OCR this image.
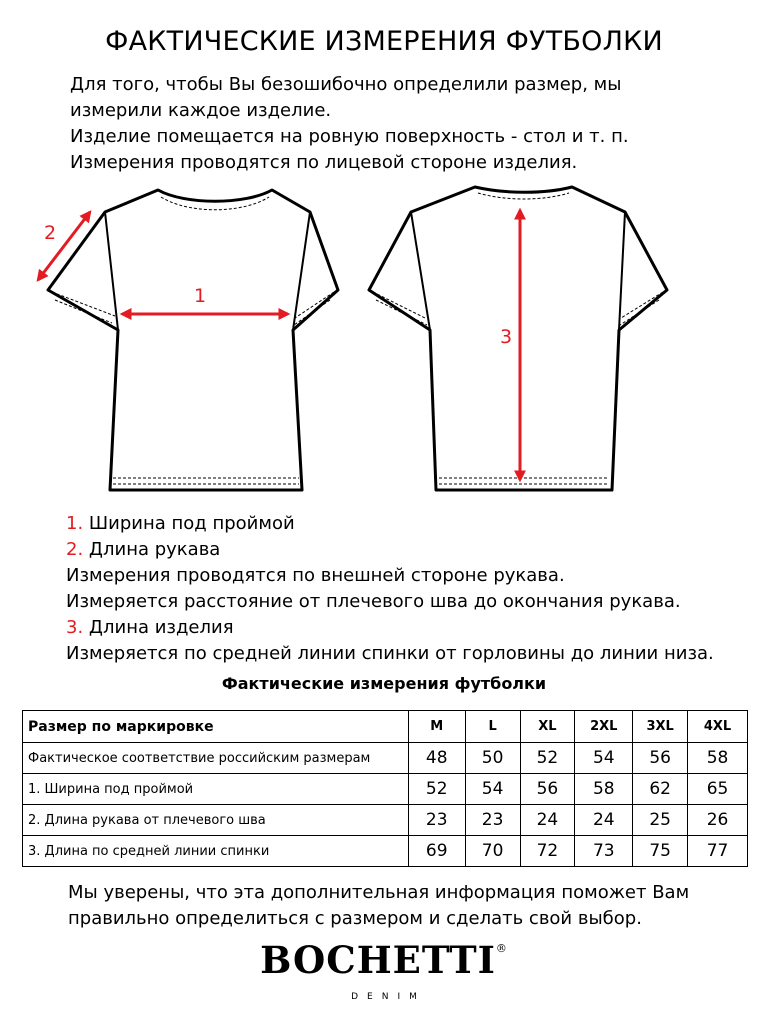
ФАКТИЧЕСКИЕ ИЗМЕРЕНИЯ ФУТБОЛКИ
Для того, чтобы Вы безошибочно определили размер, мы
измерили каждое изделие.
Изделие помещается на ровную поверхность - стол и т. п.
Измерения проводятся по лицевой стороне изделия.
1
2
3
1. Ширина под проймой
2. Длина рукава
Измерения проводятся по внешней стороне рукава.
Измеряется расстояние от плечевого шва до окончания рукава.
3. Длина изделия
Измеряется по средней линии спинки от горловины до линии низа.
Фактические измерения футболки
Размер по маркировке	M	L	XL	2XL	3XL	4XL
Фактическое соответствие российским размерам	48	50	52	54	56	58
1. Ширина под проймой	52	54	56	58	62	65
2. Длина рукава от плечевого шва	23	23	24	24	25	26
3. Длина по средней линии спинки	69	70	72	73	75	77
Мы уверены, что эта дополнительная информация поможет Вам
правильно определиться с размером и сделать свой выбор.
BOCHETTI®
DENIM
